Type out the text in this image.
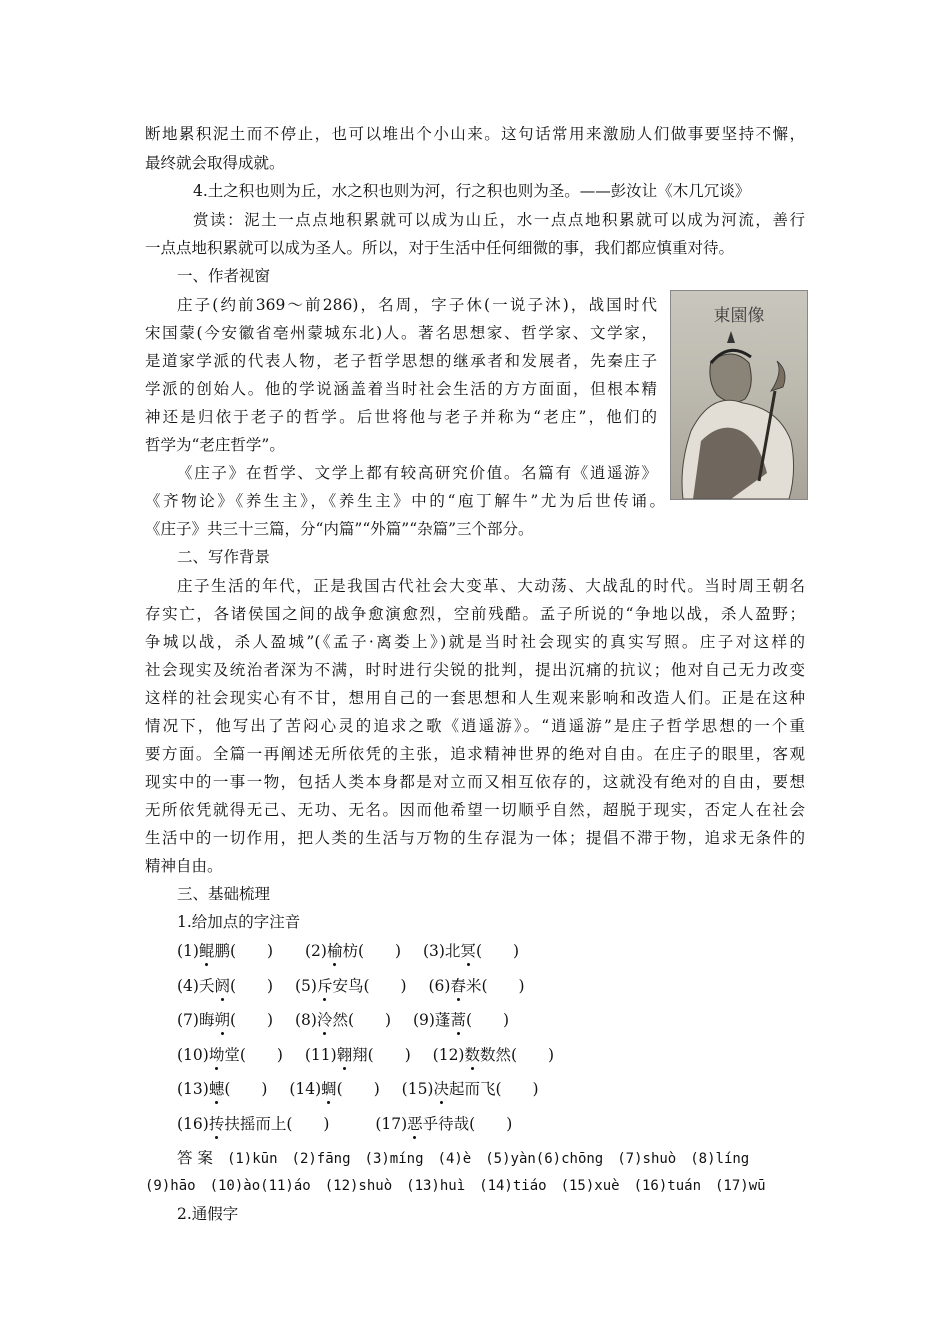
断地累积泥土而不停止，也可以堆出个小山来。这句话常用来激励人们做事要坚持不懈，
最终就会取得成就。
4.土之积也则为丘，水之积也则为河，行之积也则为圣。——彭汝让《木几冗谈》
赏读：泥土一点点地积累就可以成为山丘，水一点点地积累就可以成为河流，善行
一点点地积累就可以成为圣人。所以，对于生活中任何细微的事，我们都应慎重对待。
一、作者视窗
庄子(约前369～前286)，名周，字子休(一说子沐)，战国时代
宋国蒙(今安徽省亳州蒙城东北)人。著名思想家、哲学家、文学家，
是道家学派的代表人物，老子哲学思想的继承者和发展者，先秦庄子
学派的创始人。他的学说涵盖着当时社会生活的方方面面，但根本精
神还是归依于老子的哲学。后世将他与老子并称为“老庄”，他们的
哲学为“老庄哲学”。
《庄子》在哲学、文学上都有较高研究价值。名篇有《逍遥游》
《齐物论》《养生主》，《养生主》中的“庖丁解牛”尤为后世传诵。
《庄子》共三十三篇，分“内篇”“外篇”“杂篇”三个部分。
東園像
二、写作背景
庄子生活的年代，正是我国古代社会大变革、大动荡、大战乱的时代。当时周王朝名
存实亡，各诸侯国之间的战争愈演愈烈，空前残酷。孟子所说的“争地以战，杀人盈野；
争城以战，杀人盈城”(《孟子·离娄上》)就是当时社会现实的真实写照。庄子对这样的
社会现实及统治者深为不满，时时进行尖锐的批判，提出沉痛的抗议；他对自己无力改变
这样的社会现实心有不甘，想用自己的一套思想和人生观来影响和改造人们。正是在这种
情况下，他写出了苦闷心灵的追求之歌《逍遥游》。“逍遥游”是庄子哲学思想的一个重
要方面。全篇一再阐述无所依凭的主张，追求精神世界的绝对自由。在庄子的眼里，客观
现实中的一事一物，包括人类本身都是对立而又相互依存的，这就没有绝对的自由，要想
无所依凭就得无己、无功、无名。因而他希望一切顺乎自然，超脱于现实，否定人在社会
生活中的一切作用，把人类的生活与万物的生存混为一体；提倡不滞于物，追求无条件的
精神自由。
三、基础梳理
1.给加点的字注音
(1)鲲鹏(　　) (2)榆枋(　　) (3)北冥(　　)
(4)夭阏(　　) (5)斥安鸟(　　) (6)舂米(　　)
(7)晦朔(　　) (8)泠然(　　) (9)蓬蒿(　　)
(10)坳堂(　　) (11)翱翔(　　) (12)数数然(　　)
(13)蟪(　　) (14)蜩(　　) (15)决起而飞(　　)
(16)抟扶摇而上(　　)	(17)恶乎待哉(　　)
答 案 (1)kūn　(2)fāng　(3)míng　(4)è　(5)yàn(6)chōng　(7)shuò　(8)líng
(9)hāo　(10)ào(11)áo　(12)shuò　(13)huì　(14)tiáo　(15)xuè　(16)tuán　(17)wū
2.通假字
